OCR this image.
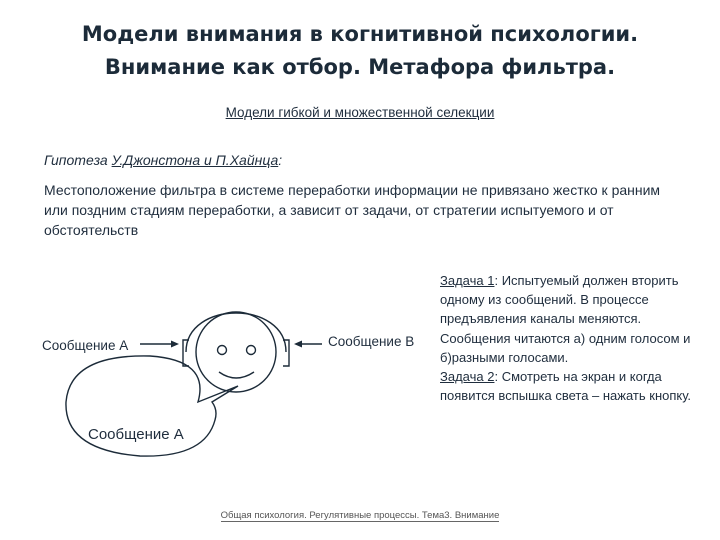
Модели внимания в когнитивной психологии.
Внимание как отбор. Метафора фильтра.
Модели гибкой и множественной селекции
Гипотеза У.Джонстона и П.Хайнца:
Местоположение фильтра в системе переработки информации не привязано жестко к ранним или поздним стадиям переработки, а зависит от задачи, от стратегии испытуемого и от обстоятельств
Сообщение А	Сообщение В
Сообщение А
Задача 1: Испытуемый должен вторить одному из сообщений. В процессе предъявления каналы меняются. Сообщения читаются а) одним голосом и б)разными голосами.
Задача 2: Смотреть на экран и когда появится вспышка света – нажать кнопку.
Общая психология. Регулятивные процессы. Тема3. Внимание
